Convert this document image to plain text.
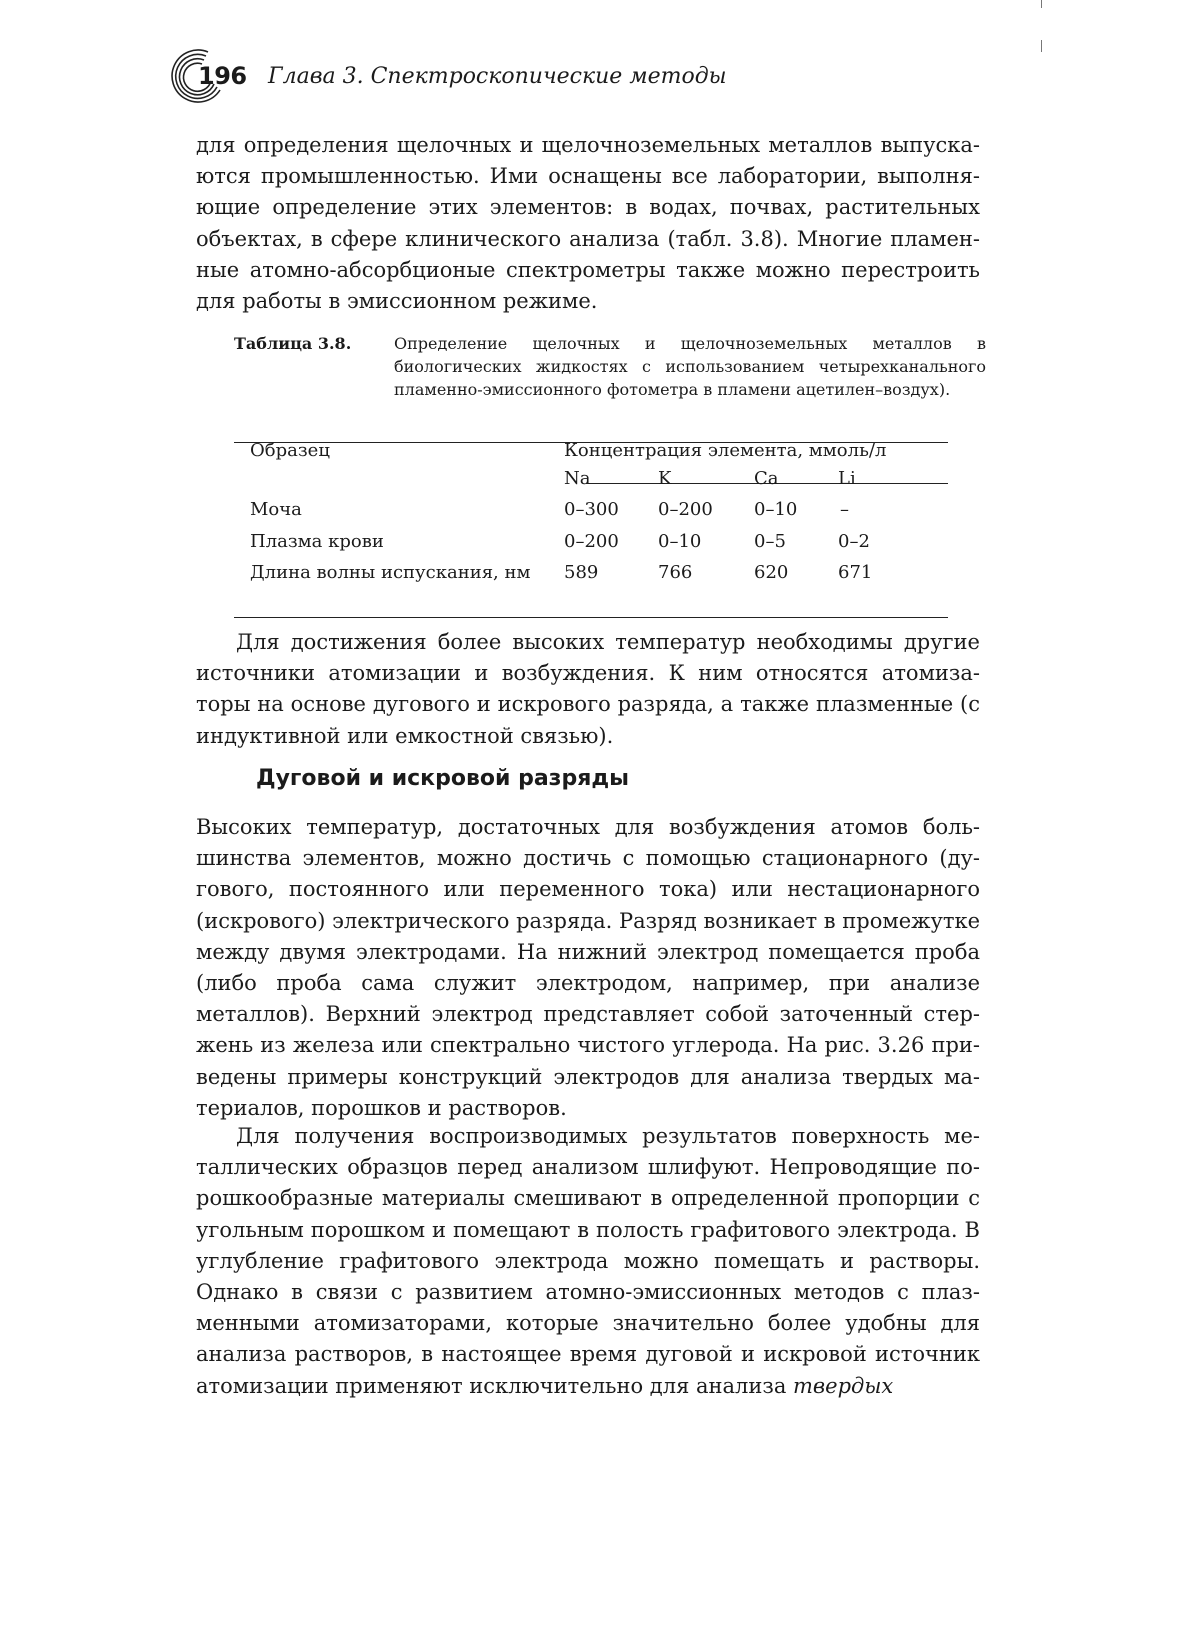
196 Глава 3. Спектроскопические методы
для определения щелочных и щелочноземельных металлов выпускаются промышленностью. Ими оснащены все лаборатории, выполняющие определение этих элементов: в водах, почвах, растительных объектах, в сфере клинического анализа (табл. 3.8). Многие пламенные атомно-абсорбционые спектрометры также можно перестроить для работы в эмиссионном режиме.
Таблица 3.8.	Определение щелочных и щелочноземельных металлов в биологических жидкостях с использованием четырехканального пламенно-эмиссионного фотометра в пламени ацетилен–воздух).
Образец	Концентрация элемента, ммоль/л
Na	K	Ca	Li
Моча	0–300 0–200 0–10 –
Плазма крови	0–200 0–10	0–5	0–2
Длина волны испускания, нм 589	766	620	671
Для достижения более высоких температур необходимы другие источники атомизации и возбуждения. К ним относятся атомизаторы на основе дугового и искрового разряда, а также плазменные (с индуктивной или емкостной связью).
Дуговой и искровой разряды
Высоких температур, достаточных для возбуждения атомов большинства элементов, можно достичь с помощью стационарного (дугового, постоянного или переменного тока) или нестационарного (искрового) электрического разряда. Разряд возникает в промежутке между двумя электродами. На нижний электрод помещается проба (либо проба сама служит электродом, например, при анализе металлов). Верхний электрод представляет собой заточенный стержень из железа или спектрально чистого углерода. На рис. 3.26 приведены примеры конструкций электродов для анализа твердых материалов, порошков и растворов.
Для получения воспроизводимых результатов поверхность металлических образцов перед анализом шлифуют. Непроводящие порошкообразные материалы смешивают в определенной пропорции с угольным порошком и помещают в полость графитового электрода. В углубление графитового электрода можно помещать и растворы. Однако в связи с развитием атомно-эмиссионных методов с плазменными атомизаторами, которые значительно более удобны для анализа растворов, в настоящее время дуговой и искровой источник атомизации применяют исключительно для анализа твердых
